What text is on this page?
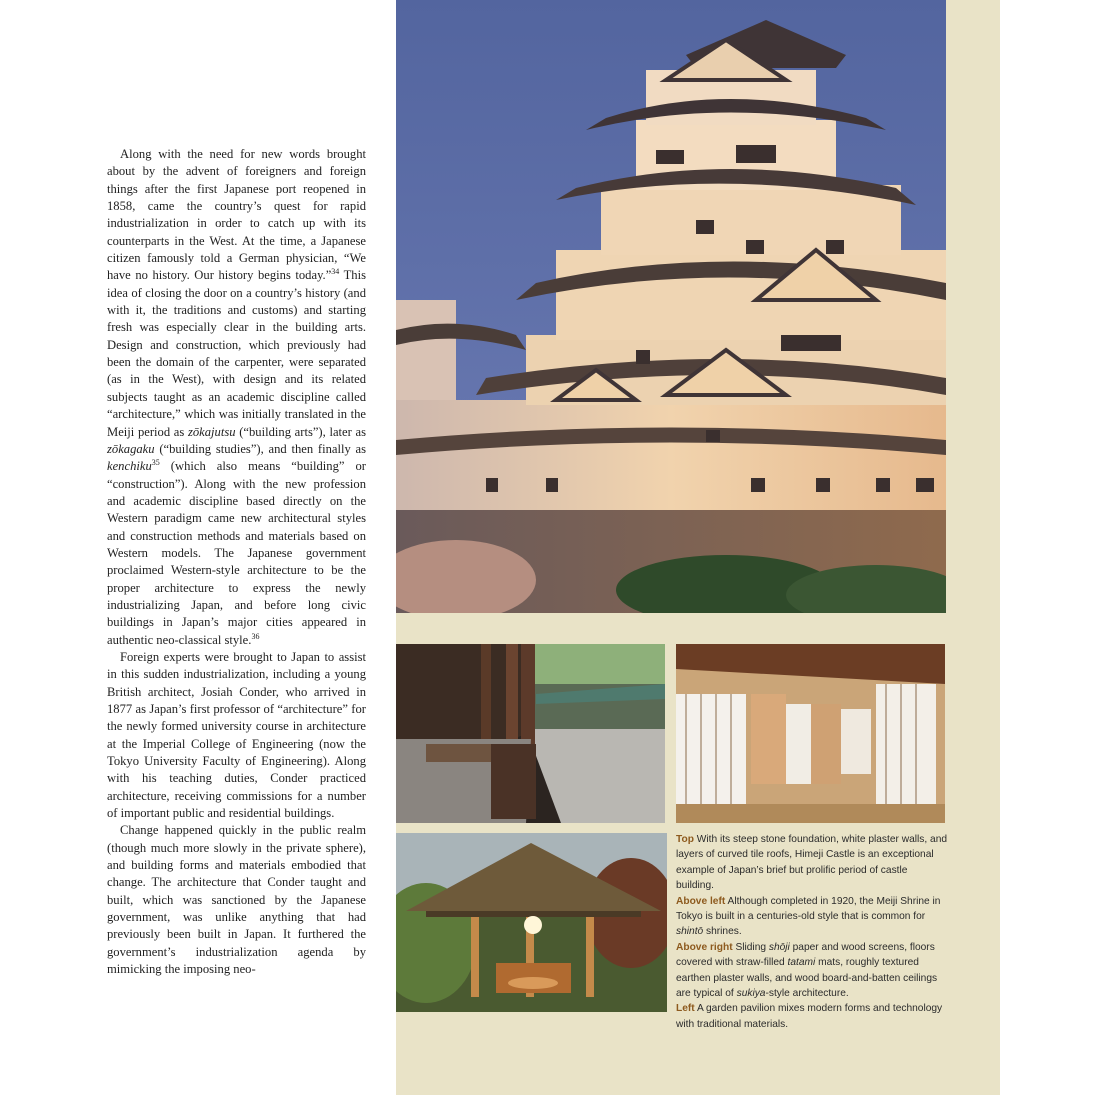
Along with the need for new words brought about by the advent of foreigners and foreign things after the first Japanese port reopened in 1858, came the country’s quest for rapid industrialization in order to catch up with its counterparts in the West. At the time, a Japanese citizen famously told a German physician, “We have no history. Our history begins today.”$^{34}$ This idea of closing the door on a country’s history (and with it, the traditions and customs) and starting fresh was especially clear in the building arts. Design and construction, which previously had been the domain of the carpenter, were separated (as in the West), with design and its related subjects taught as an academic discipline called “architecture,” which was initially translated in the Meiji period as zōkajutsu (“building arts”), later as zōkagaku (“building studies”), and then finally as kenchiku$^{35}$ (which also means “building” or “construction”). Along with the new profession and academic discipline based directly on the Western paradigm came new architectural styles and construction methods and materials based on Western models. The Japanese government proclaimed Western-style architecture to be the proper architecture to express the newly industrializing Japan, and before long civic buildings in Japan’s major cities appeared in authentic neo-classical style.$^{36}$

Foreign experts were brought to Japan to assist in this sudden industrialization, including a young British architect, Josiah Conder, who arrived in 1877 as Japan’s first professor of “architecture” for the newly formed university course in architecture at the Imperial College of Engineering (now the Tokyo University Faculty of Engineering). Along with his teaching duties, Conder practiced architecture, receiving commissions for a number of important public and residential buildings.

Change happened quickly in the public realm (though much more slowly in the private sphere), and building forms and materials embodied that change. The architecture that Conder taught and built, which was sanctioned by the Japanese government, was unlike anything that had previously been built in Japan. It furthered the government’s industrialization agenda by mimicking the imposing neo-

Top With its steep stone foundation, white plaster walls, and layers of curved tile roofs, Himeji Castle is an exceptional example of Japan’s brief but prolific period of castle building.

Above left Although completed in 1920, the Meiji Shrine in Tokyo is built in a centuries-old style that is common for shintō shrines.

Above right Sliding shōji paper and wood screens, floors covered with straw-filled tatami mats, roughly textured earthen plaster walls, and wood board-and-batten ceilings are typical of sukiya-style architecture.

Left A garden pavilion mixes modern forms and technology with traditional materials.
